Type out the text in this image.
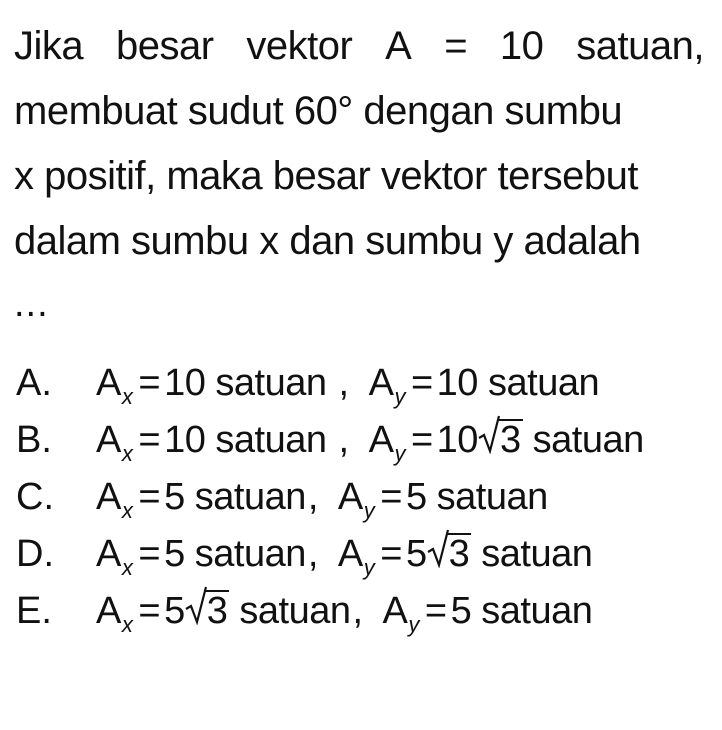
Jika besar vektor A = 10 satuan,
membuat sudut 60° dengan sumbu
x positif, maka besar vektor tersebut
dalam sumbu x dan sumbu y adalah
...
A. $A_x = 10$ satuan , $A_y = 10$ satuan
B. $A_x = 10$ satuan , $A_y = 10$ 3 satuan
C. $A_x = 5$ satuan, $A_y = 5$ satuan
D. $A_x = 5$ satuan, $A_y = 5$ 3 satuan
E. $A_x = 5$ 3 satuan, $A_y = 5$ satuan
